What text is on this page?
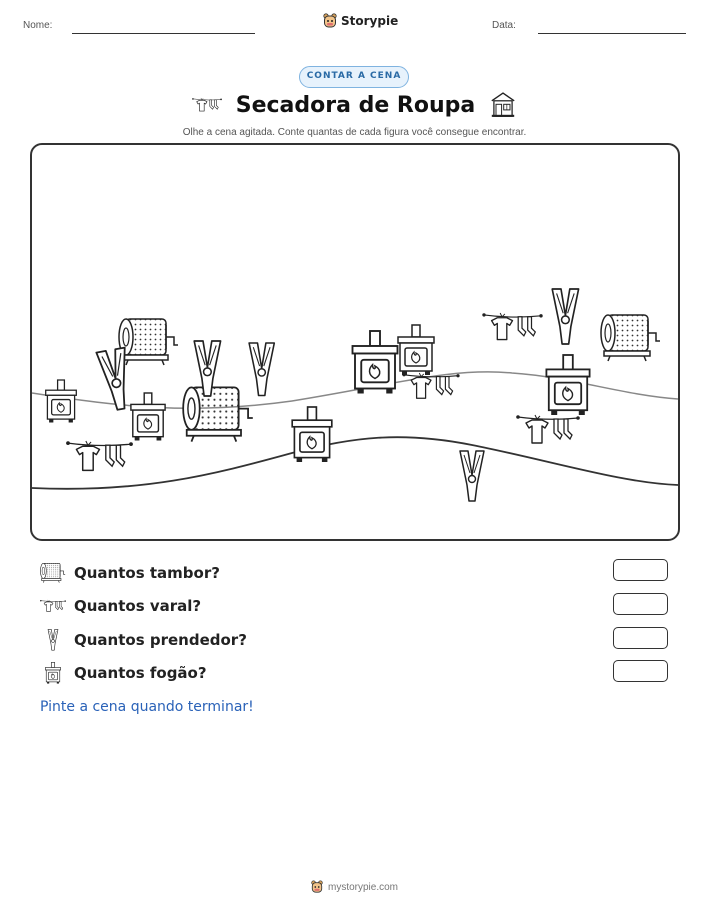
Nome:	Storypie	Data:
CONTAR A CENA
Secadora de Roupa
Olhe a cena agitada. Conte quantas de cada figura você consegue encontrar.
Quantos tambor?
Quantos varal?
Quantos prendedor?
Quantos fogão?
Pinte a cena quando terminar!
mystorypie.com
